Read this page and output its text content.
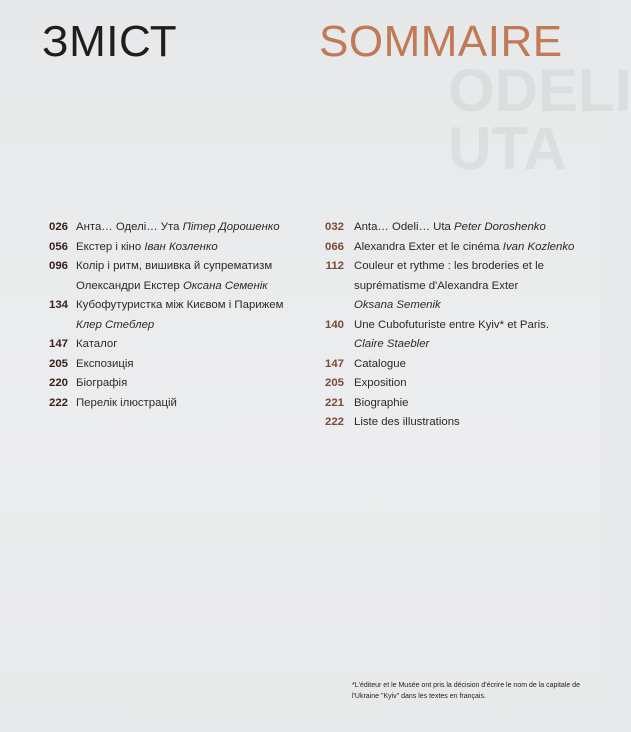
ODELI
UTA
ЗМІСТ	SOMMAIRE
026 Анта… Оделі… Ута Пітер Дорошенко
056 Екстер і кіно Іван Козленко
096 Колір і ритм, вишивка й супрематизм
Олександри Екстер Оксана Семенік
134 Кубофутуристка між Києвом і Парижем
Клер Стеблер
147 Каталог
205 Експозиція
220 Біографія
222 Перелік ілюстрацій
032 Anta… Odeli… Uta Peter Doroshenko
066 Alexandra Exter et le cinéma Ivan Kozlenko
112 Couleur et rythme : les broderies et le
suprématisme d'Alexandra Exter
Oksana Semenik
140 Une Cubofuturiste entre Kyiv* et Paris.
Claire Staebler
147 Catalogue
205 Exposition
221 Biographie
222 Liste des illustrations
*L'éditeur et le Musée ont pris la décision d'écrire le nom de la capitale de l'Ukraine "Kyiv" dans les textes en français.
